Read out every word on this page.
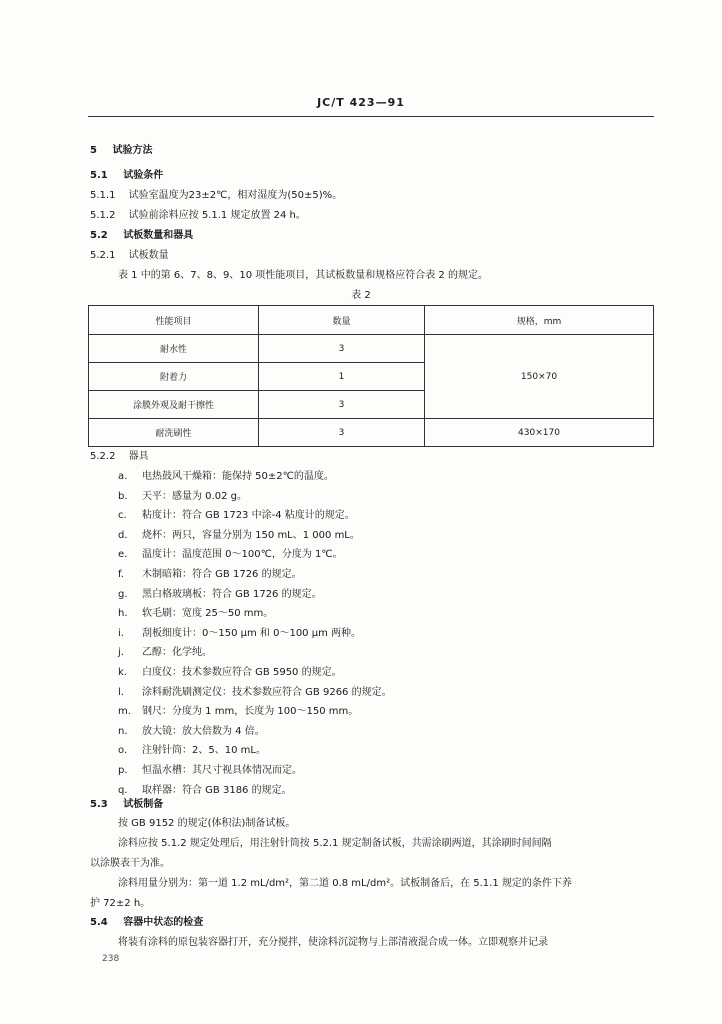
JC/T 423—91
5 试验方法
5.1 试验条件
5.1.1 试验室温度为23±2℃，相对湿度为(50±5)%。
5.1.2 试验前涂料应按 5.1.1 规定放置 24 h。
5.2 试板数量和器具
5.2.1 试板数量
表 1 中的第 6、7、8、9、10 项性能项目，其试板数量和规格应符合表 2 的规定。
表 2
性能项目	数量	规格，mm
耐水性	3	150×70
附着力	1	
涂膜外观及耐干擦性	3	
耐洗刷性	3	430×170
5.2.2 器具
a. 电热鼓风干燥箱：能保持 50±2℃的温度。
b. 天平：感量为 0.02 g。
c. 粘度计：符合 GB 1723 中涂-4 粘度计的规定。
d. 烧杯：两只，容量分别为 150 mL、1 000 mL。
e. 温度计：温度范围 0～100℃，分度为 1℃。
f. 木制暗箱：符合 GB 1726 的规定。
g. 黑白格玻璃板：符合 GB 1726 的规定。
h. 软毛刷：宽度 25～50 mm。
i. 刮板细度计：0～150 μm 和 0～100 μm 两种。
j. 乙醇：化学纯。
k. 白度仪：技术参数应符合 GB 5950 的规定。
l. 涂料耐洗刷测定仪：技术参数应符合 GB 9266 的规定。
m. 钢尺：分度为 1 mm，长度为 100～150 mm。
n. 放大镜：放大倍数为 4 倍。
o. 注射针筒：2、5、10 mL。
p. 恒温水槽：其尺寸视具体情况而定。
q. 取样器：符合 GB 3186 的规定。
5.3 试板制备
按 GB 9152 的规定(体积法)制备试板。
涂料应按 5.1.2 规定处理后，用注射针筒按 5.2.1 规定制备试板，共需涂刷两道，其涂刷时间间隔
以涂膜表干为准。
涂料用量分别为：第一道 1.2 mL/dm²，第二道 0.8 mL/dm²。试板制备后，在 5.1.1 规定的条件下养
护 72±2 h。
5.4 容器中状态的检查
将装有涂料的原包装容器打开，充分搅拌，使涂料沉淀物与上部清液混合成一体。立即观察并记录
238
